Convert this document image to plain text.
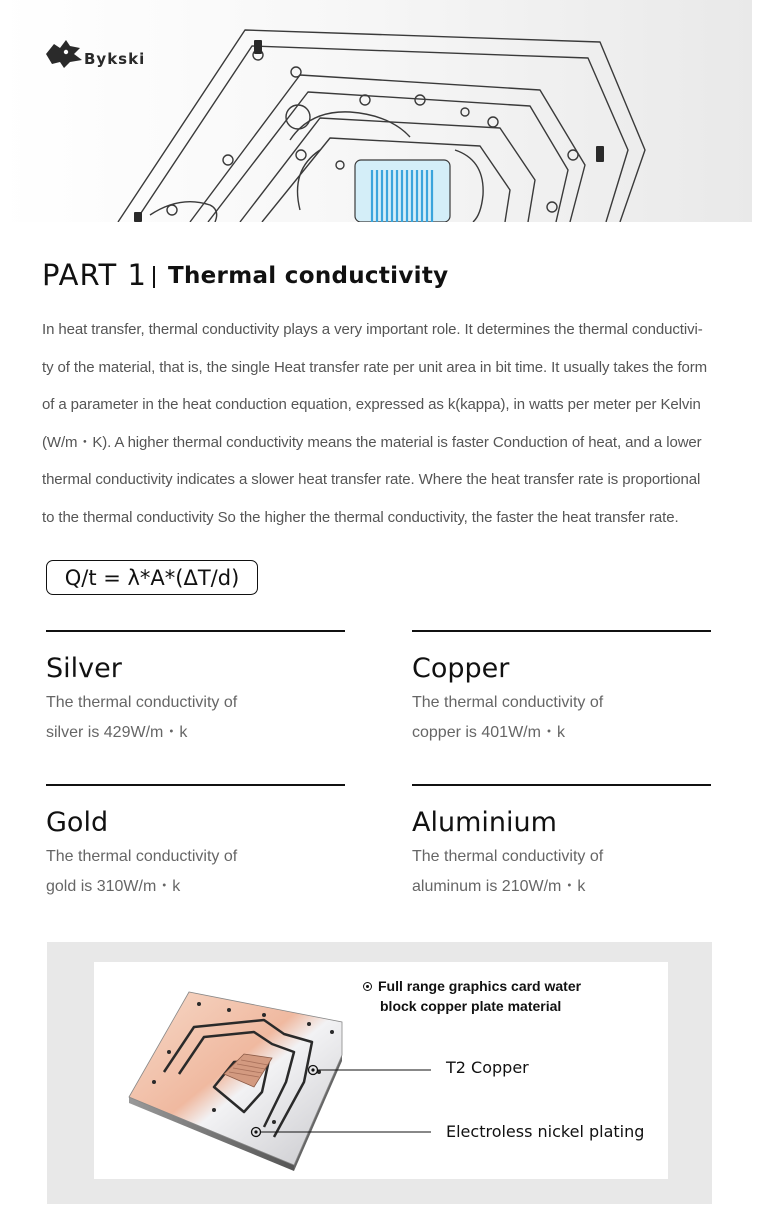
Bykski
PART 1 Thermal conductivity
In heat transfer, thermal conductivity plays a very important role. It determines the thermal conductivi-
ty of the material, that is, the single Heat transfer rate per unit area in bit time. It usually takes the form
of a parameter in the heat conduction equation, expressed as k(kappa), in watts per meter per Kelvin
(W/m・K). A higher thermal conductivity means the material is faster Conduction of heat, and a lower
thermal conductivity indicates a slower heat transfer rate. Where the heat transfer rate is proportional
to the thermal conductivity So the higher the thermal conductivity, the faster the heat transfer rate.
Q/t = λ*A*(ΔT/d)
Silver
The thermal conductivity of
silver is 429W/m・k
Copper
The thermal conductivity of
copper is 401W/m・k
Gold
The thermal conductivity of
gold is 310W/m・k
Aluminium
The thermal conductivity of
aluminum is 210W/m・k
Full range graphics card water
block copper plate material
T2 Copper
Electroless nickel plating
